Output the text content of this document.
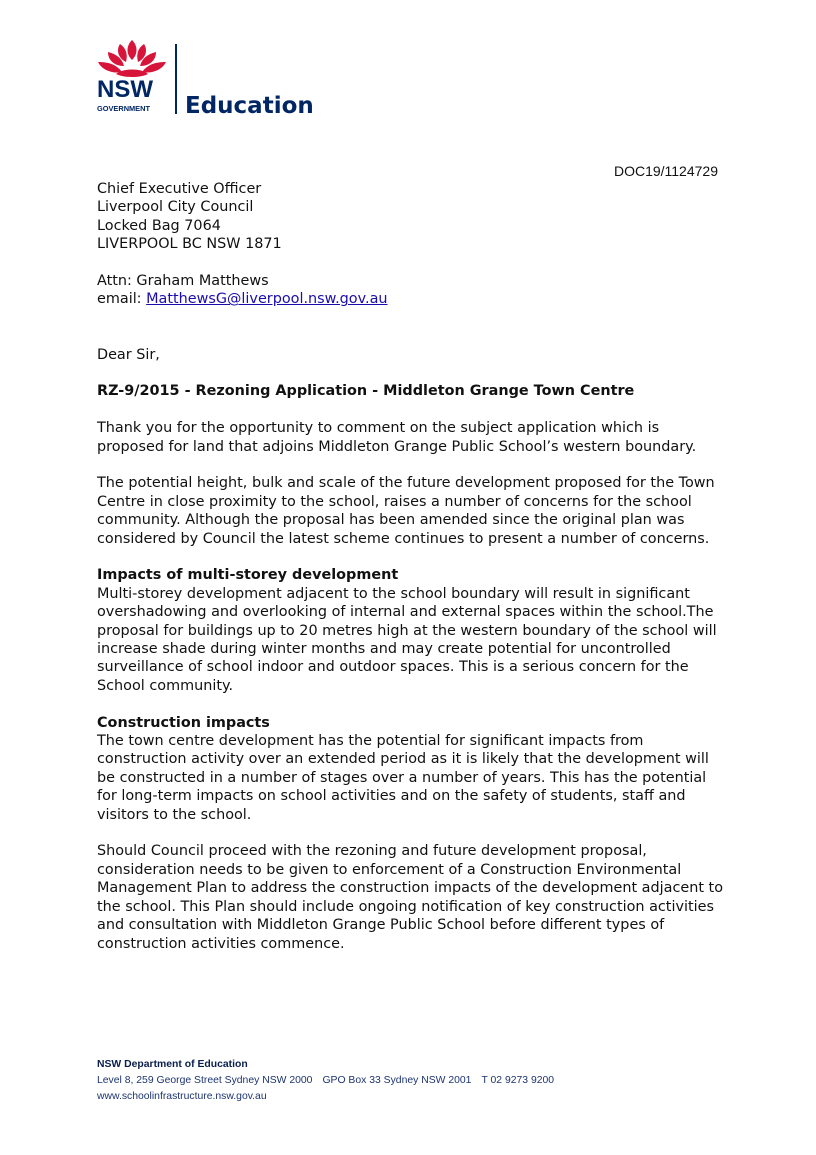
NSW
GOVERNMENT Education
DOC19/1124729
Chief Executive Officer
Liverpool City Council
Locked Bag 7064
LIVERPOOL BC NSW 1871
Attn: Graham Matthews
email: MatthewsG@liverpool.nsw.gov.au

Dear Sir,

RZ-9/2015 - Rezoning Application - Middleton Grange Town Centre

Thank you for the opportunity to comment on the subject application which is proposed for land that adjoins Middleton Grange Public School’s western boundary.

The potential height, bulk and scale of the future development proposed for the Town Centre in close proximity to the school, raises a number of concerns for the school community. Although the proposal has been amended since the original plan was considered by Council the latest scheme continues to present a number of concerns.

Impacts of multi-storey development

Multi-storey development adjacent to the school boundary will result in significant overshadowing and overlooking of internal and external spaces within the school.The proposal for buildings up to 20 metres high at the western boundary of the school will increase shade during winter months and may create potential for uncontrolled surveillance of school indoor and outdoor spaces. This is a serious concern for the School community.

Construction impacts

The town centre development has the potential for significant impacts from construction activity over an extended period as it is likely that the development will be constructed in a number of stages over a number of years. This has the potential for long-term impacts on school activities and on the safety of students, staff and visitors to the school.

Should Council proceed with the rezoning and future development proposal, consideration needs to be given to enforcement of a Construction Environmental Management Plan to address the construction impacts of the development adjacent to the school. This Plan should include ongoing notification of key construction activities and consultation with Middleton Grange Public School before different types of construction activities commence.

NSW Department of Education
Level 8, 259 George Street Sydney NSW 2000 GPO Box 33 Sydney NSW 2001 T 02 9273 9200
www.schoolinfrastructure.nsw.gov.au
